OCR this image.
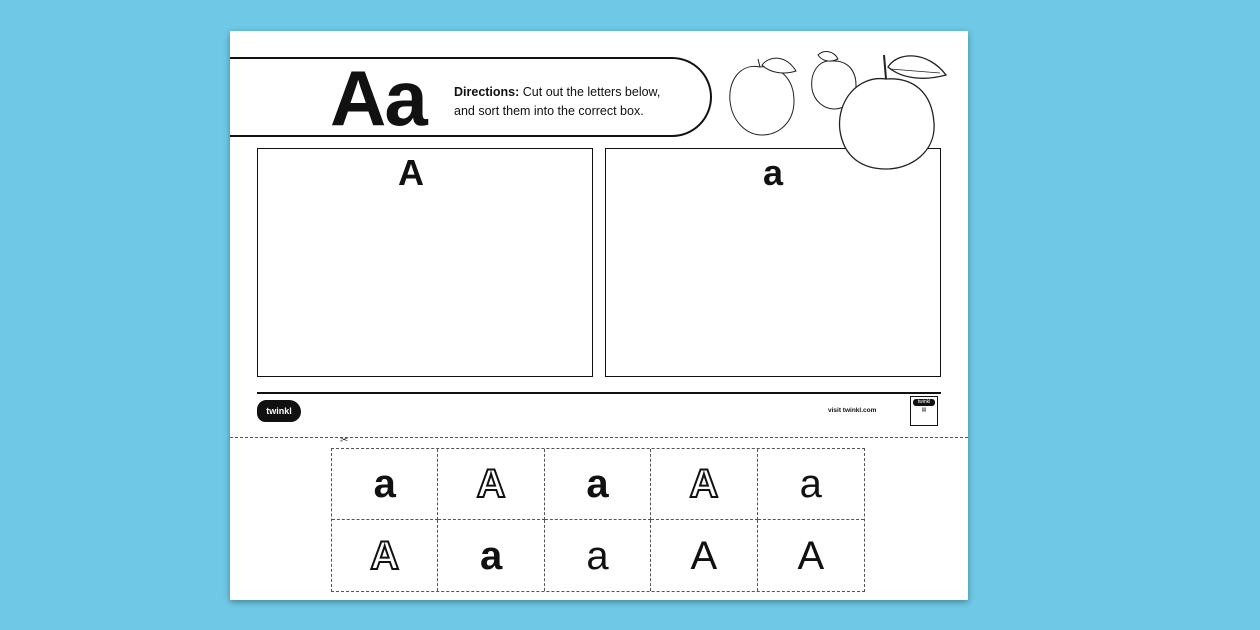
Aa Directions: Cut out the letters below,
and sort them into the correct box.
A	a
twinkl	visit twinkl.com
twinkl
▤
✂
a A a A a
A a a A A
